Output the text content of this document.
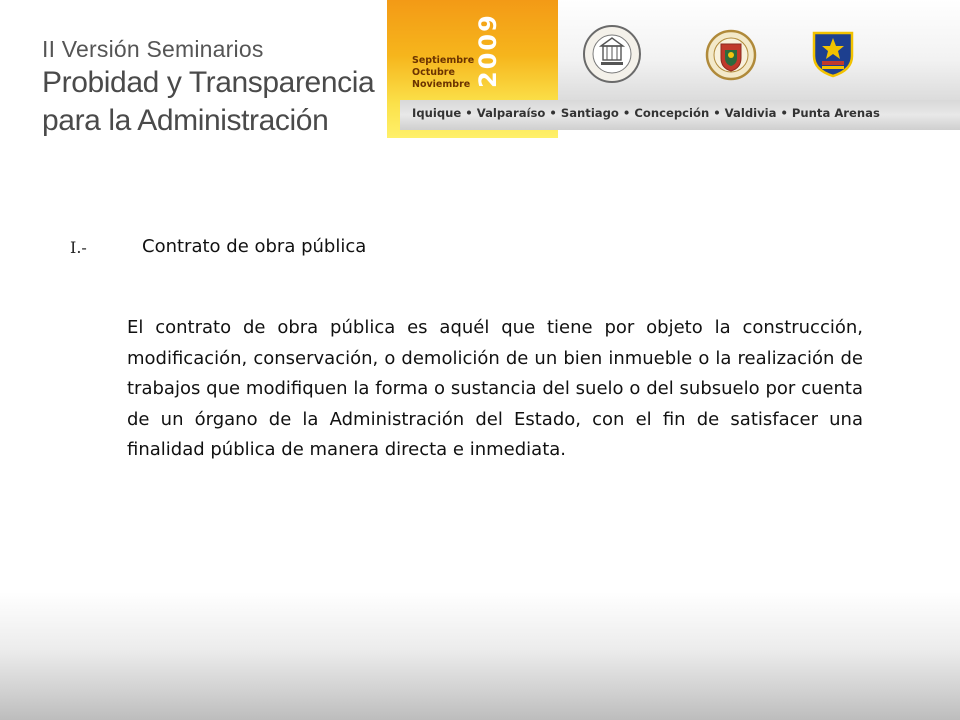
II Versión Seminarios
Probidad y Transparencia
para la Administración
Septiembre
Octubre
Noviembre 2009
Iquique • Valparaíso • Santiago • Concepción • Valdivia • Punta Arenas
I.-	Contrato de obra pública

El contrato de obra pública es aquél que tiene por objeto la construcción, modificación, conservación, o demolición de un bien inmueble o la realización de trabajos que modifiquen la forma o sustancia del suelo o del subsuelo por cuenta de un órgano de la Administración del Estado, con el fin de satisfacer una finalidad pública de manera directa e inmediata.
